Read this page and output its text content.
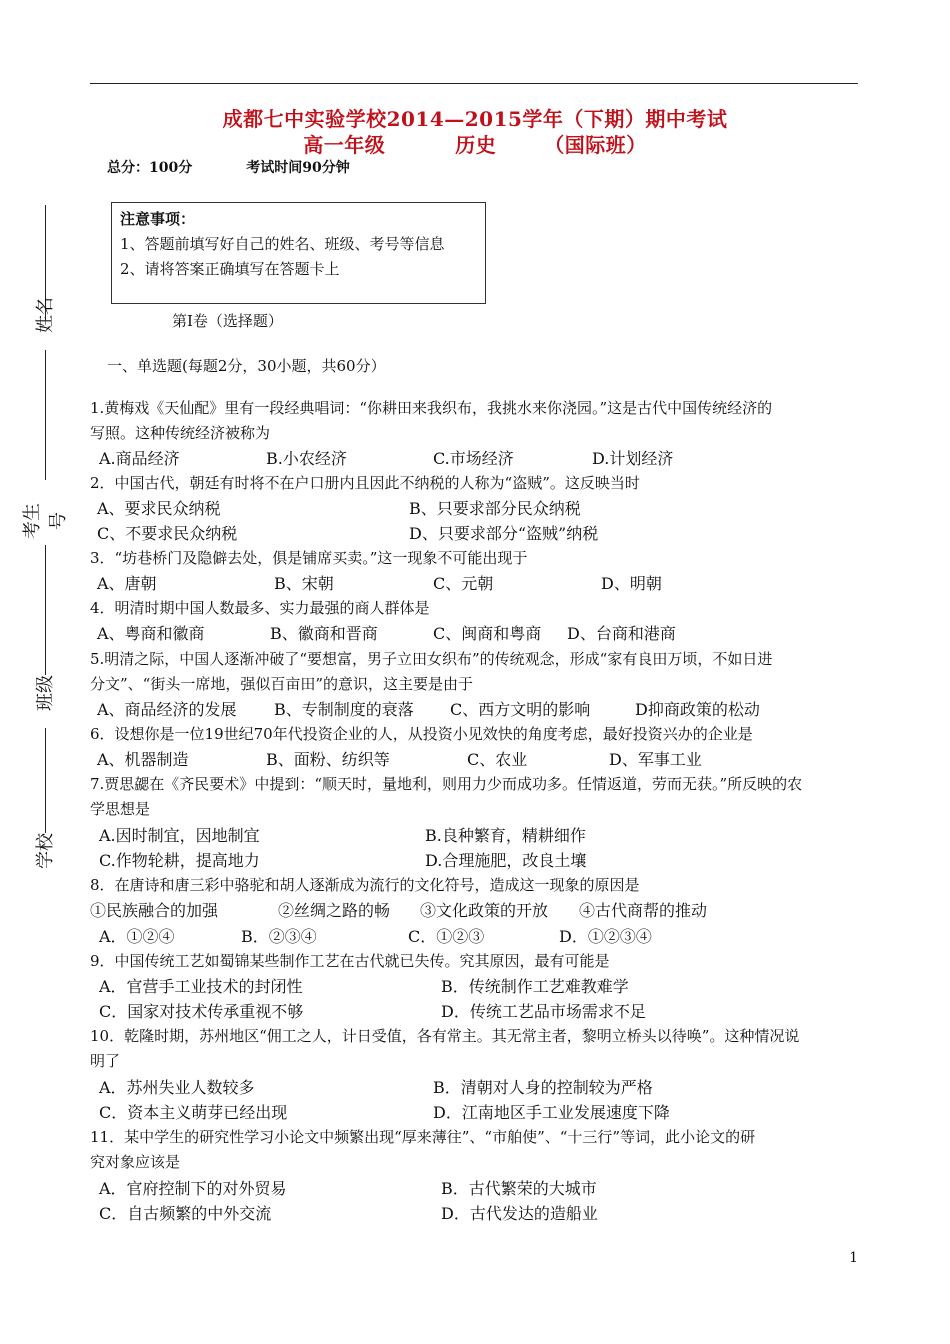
成都七中实验学校2014—2015学年（下期）期中考试
高一年级	历史 （国际班）
总分：100分	考试时间90分钟
注意事项：
1、答题前填写好自己的姓名、班级、考号等信息
2、请将答案正确填写在答题卡上
姓名
考生号
班级
学校
第Ⅰ卷（选择题）
一、单选题(每题2分，30小题，共60分）
1.黄梅戏《天仙配》里有一段经典唱词：“你耕田来我织布，我挑水来你浇园。”这是古代中国传统经济的
写照。这种传统经济被称为
A.商品经济	B.小农经济	C.市场经济	D.计划经济
2．中国古代，朝廷有时将不在户口册内且因此不纳税的人称为“盗贼”。这反映当时
A、要求民众纳税	B、只要求部分民众纳税
C、不要求民众纳税	D、只要求部分“盗贼”纳税
3．“坊巷桥门及隐僻去处，俱是铺席买卖。”这一现象不可能出现于
A、唐朝	B、宋朝	C、元朝	D、明朝
4．明清时期中国人数最多、实力最强的商人群体是
A、粤商和徽商	B、徽商和晋商	C、闽商和粤商 D、台商和港商
5.明清之际，中国人逐渐冲破了“要想富，男子立田女织布”的传统观念，形成“家有良田万顷，不如日进
分文”、“街头一席地，强似百亩田”的意识，这主要是由于
A、商品经济的发展 B、专制制度的衰落 C、西方文明的影响	D抑商政策的松动
6．设想你是一位19世纪70年代投资企业的人，从投资小见效快的角度考虑，最好投资兴办的企业是
A、机器制造	B、面粉、纺织等	C、农业	D、军事工业
7.贾思勰在《齐民要术》中提到：“顺天时，量地利，则用力少而成功多。任情返道，劳而无获。”所反映的农
学思想是
A.因时制宜，因地制宜	B.良种繁育，精耕细作
C.作物轮耕，提高地力	D.合理施肥，改良土壤
8．在唐诗和唐三彩中骆驼和胡人逐渐成为流行的文化符号，造成这一现象的原因是
①民族融合的加强	②丝绸之路的畅 ③文化政策的开放 ④古代商帮的推动
A．①②④	B．②③④	C．①②③	D．①②③④
9．中国传统工艺如蜀锦某些制作工艺在古代就已失传。究其原因，最有可能是
A．官营手工业技术的封闭性	B．传统制作工艺难教难学
C．国家对技术传承重视不够	D．传统工艺品市场需求不足
10．乾隆时期，苏州地区“佣工之人，计日受值，各有常主。其无常主者，黎明立桥头以待唤”。这种情况说
明了
A．苏州失业人数较多	B．清朝对人身的控制较为严格
C．资本主义萌芽已经出现	D．江南地区手工业发展速度下降
11．某中学生的研究性学习小论文中频繁出现“厚来薄往”、“市舶使”、“十三行”等词，此小论文的研
究对象应该是
A．官府控制下的对外贸易	B．古代繁荣的大城市
C．自古频繁的中外交流	D．古代发达的造船业
1
